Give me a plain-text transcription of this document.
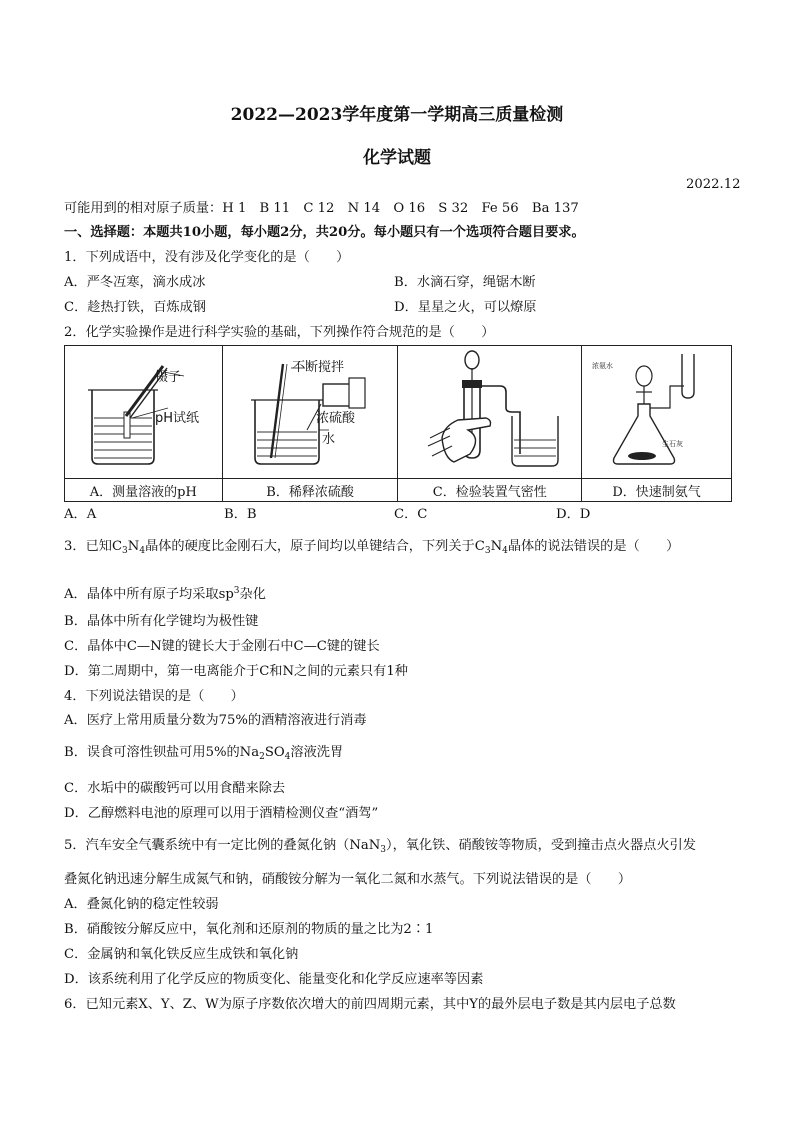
2022—2023学年度第一学期高三质量检测
化学试题
2022.12
可能用到的相对原子质量：H 1　B 11　C 12　N 14　O 16　S 32　Fe 56　Ba 137
一、选择题：本题共10小题，每小题2分，共20分。每小题只有一个选项符合题目要求。
1．下列成语中，没有涉及化学变化的是（　　）
A．严冬冱寒，滴水成冰	B．水滴石穿，绳锯木断
C．趁热打铁，百炼成钢	D．星星之火，可以燎原
2．化学实验操作是进行科学实验的基础，下列操作符合规范的是（　　）

浓氨水
生石灰

A．测量溶液的pH	B．稀释浓硫酸	C．检验装置气密性	D．快速制氨气
镊子
pH试纸
不断搅拌
浓硫酸
水
A．A	B．B	C．C	D．D
3．已知$C_3N_4$晶体的硬度比金刚石大，原子间均以单键结合，下列关于$C_3N_4$晶体的说法错误的是（　　）
A．晶体中所有原子均采取$sp^3$杂化
B．晶体中所有化学键均为极性键
C．晶体中C—N键的键长大于金刚石中C—C键的键长
D．第二周期中，第一电离能介于C和N之间的元素只有1种
4．下列说法错误的是（　　）
A．医疗上常用质量分数为75%的酒精溶液进行消毒
B．误食可溶性钡盐可用5%的$Na_2SO_4$溶液洗胃
C．水垢中的碳酸钙可以用食醋来除去
D．乙醇燃料电池的原理可以用于酒精检测仪查“酒驾”
5．汽车安全气囊系统中有一定比例的叠氮化钠（NaN$_3$），氧化铁、硝酸铵等物质，受到撞击点火器点火引发
叠氮化钠迅速分解生成氮气和钠，硝酸铵分解为一氧化二氮和水蒸气。下列说法错误的是（　　）
A．叠氮化钠的稳定性较弱
B．硝酸铵分解反应中，氧化剂和还原剂的物质的量之比为2∶1
C．金属钠和氧化铁反应生成铁和氧化钠
D．该系统利用了化学反应的物质变化、能量变化和化学反应速率等因素
6．已知元素X、Y、Z、W为原子序数依次增大的前四周期元素，其中Y的最外层电子数是其内层电子总数
